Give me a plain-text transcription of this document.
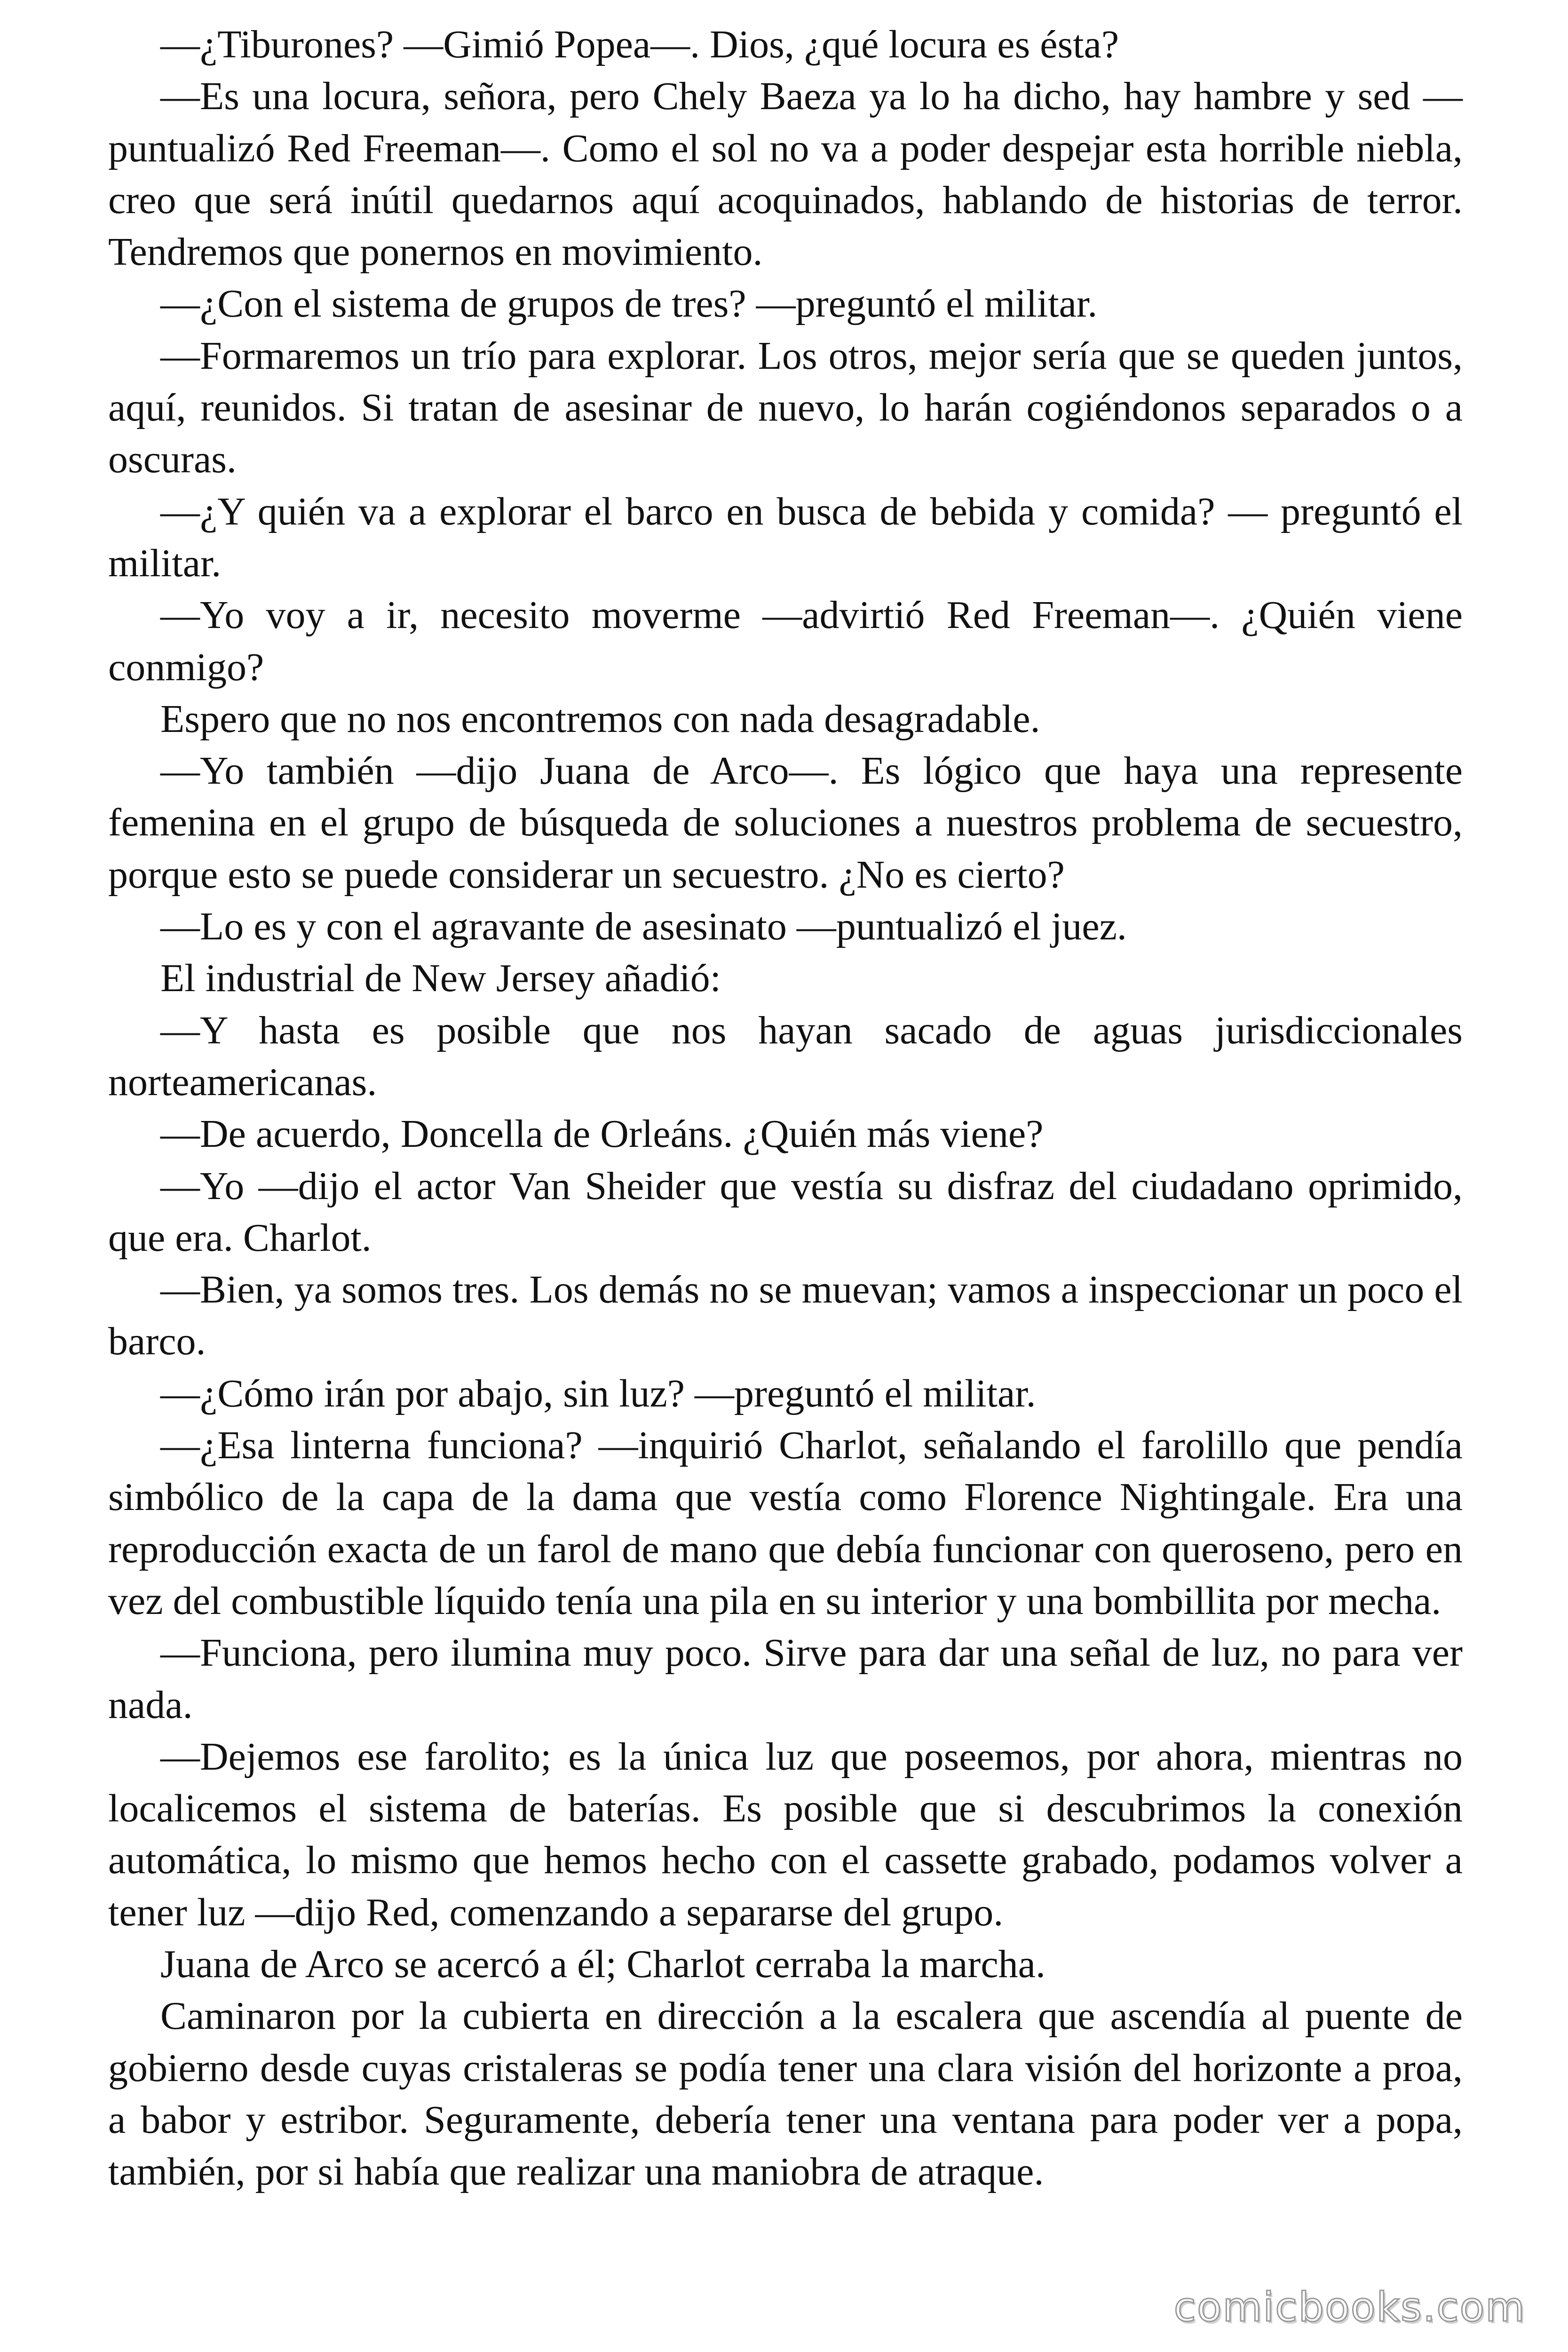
—¿Tiburones? —Gimió Popea—. Dios, ¿qué locura es ésta?

—Es una locura, señora, pero Chely Baeza ya lo ha dicho, hay hambre y sed — puntualizó Red Freeman—. Como el sol no va a poder despejar esta horrible niebla, creo que será inútil quedarnos aquí acoquinados, hablando de historias de terror. Tendremos que ponernos en movimiento.

—¿Con el sistema de grupos de tres? —preguntó el militar.

—Formaremos un trío para explorar. Los otros, mejor sería que se queden juntos, aquí, reunidos. Si tratan de asesinar de nuevo, lo harán cogiéndonos separados o a oscuras.

—¿Y quién va a explorar el barco en busca de bebida y comida? — preguntó el militar.

—Yo voy a ir, necesito moverme —advirtió Red Freeman—. ¿Quién viene conmigo?

Espero que no nos encontremos con nada desagradable.

—Yo también —dijo Juana de Arco—. Es lógico que haya una represente femenina en el grupo de búsqueda de soluciones a nuestros problema de secuestro, porque esto se puede considerar un secuestro. ¿No es cierto?

—Lo es y con el agravante de asesinato —puntualizó el juez.

El industrial de New Jersey añadió:

—Y hasta es posible que nos hayan sacado de aguas jurisdiccionales norteamericanas.

—De acuerdo, Doncella de Orleáns. ¿Quién más viene?

—Yo —dijo el actor Van Sheider que vestía su disfraz del ciudadano oprimido, que era. Charlot.

—Bien, ya somos tres. Los demás no se muevan; vamos a inspeccionar un poco el barco.

—¿Cómo irán por abajo, sin luz? —preguntó el militar.

—¿Esa linterna funciona? —inquirió Charlot, señalando el farolillo que pendía simbólico de la capa de la dama que vestía como Florence Nightingale. Era una reproducción exacta de un farol de mano que debía funcionar con queroseno, pero en vez del combustible líquido tenía una pila en su interior y una bombillita por mecha.

—Funciona, pero ilumina muy poco. Sirve para dar una señal de luz, no para ver nada.

—Dejemos ese farolito; es la única luz que poseemos, por ahora, mientras no localicemos el sistema de baterías. Es posible que si descubrimos la conexión automática, lo mismo que hemos hecho con el cassette grabado, podamos volver a tener luz —dijo Red, comenzando a separarse del grupo.

Juana de Arco se acercó a él; Charlot cerraba la marcha.

Caminaron por la cubierta en dirección a la escalera que ascendía al puente de gobierno desde cuyas cristaleras se podía tener una clara visión del horizonte a proa, a babor y estribor. Seguramente, debería tener una ventana para poder ver a popa, también, por si había que realizar una maniobra de atraque.

comicbooks.com
